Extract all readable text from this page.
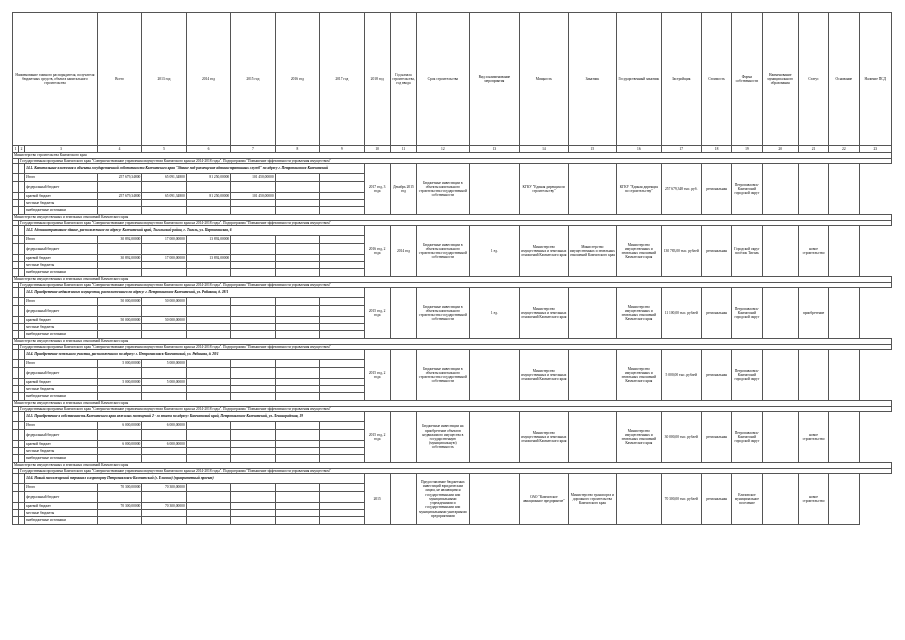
Наименование главного распорядителя, получателя бюджетных средств, объекта капитального строительства			Всего	2013 год	2014 год	2015 год	2016 год	2017 год	2018 год	Год начала строительства, год ввода	Срок строительства	Вид и наименование мероприятия	Мощность	Заказчик	Государственный заказчик	Застройщик	Стоимость	Форма собственности	Наименование муниципального образования	Статус	Основание	Наличие ПСД
1	2	3	4	5	6	7	8	9	10	11	12	13	14	15	16	17	18	19	20	21	22	23
Министерство строительства Камчатского края																						
	Государственная программа Камчатского края "Совершенствование управления имуществом Камчатского края на 2014-2018 годы". Подпрограмма "Повышение эффективности управления имуществом"																					
		14.1. Капитальные вложения в объекты государственной собственности Камчатского края "Здание под размещение административных служб" по адресу г. Петропавловск-Камчатский							2017 год, 3 года	Декабрь 2015 год	Бюджетные инвестиции в объекты капитального строительства государственной собственности		КГКУ "Единая дирекция по строительству"		КГКУ "Единая дирекция по строительству"	257 679,348 тыс. руб.	региональная	Петропавловск-Камчатский городской округ				
		Итого	257 679,34800	65 091,34800	81 250,00000	101 450,00000																
		федеральный бюджет																				
		краевой бюджет	257 679,34800	65 091,34800	81 250,00000	101 450,00000																
		местные бюджеты																				
		внебюджетные источники																				
Министерство имущественных и земельных отношений Камчатского края																						
	Государственная программа Камчатского края "Совершенствование управления имуществом Камчатского края на 2014-2018 годы". Подпрограмма "Повышение эффективности управления имуществом"																					
		14.2. Административное здание, расположенное по адресу: Камчатский край, Тигильский район, с. Тигиль, ул. Партизанская, 6							2016 год, 2 года	2014 год	Бюджетные инвестиции в объекты капитального строительства государственной собственности	1 ед.	Министерство имущественных и земельных отношений Камчатского края	Министерство имущественных и земельных отношений Камчатского края	Министерство имущественных и земельных отношений Камчатского края	130 783,00 тыс. рублей	региональная	Городской округ посёлок Тигиль		новое строительство		
		Итого	30 892,00000	17 000,00000	13 892,00000																	
		федеральный бюджет																				
		краевой бюджет	30 892,00000	17 000,00000	13 892,00000																	
		местные бюджеты																				
		внебюджетные источники																				
Министерство имущественных и земельных отношений Камчатского края																						
	Государственная программа Камчатского края "Совершенствование управления имуществом Камчатского края на 2014-2018 годы". Подпрограмма "Повышение эффективности управления имуществом"																					
		14.3. Приобретение недвижимого имущества, расположенного по адресу: г. Петропавловск-Камчатский, ул. Рябикова, д. 28/1							2015 год, 2 года		Бюджетные инвестиции в объекты капитального строительства государственной собственности	1 ед.	Министерство имущественных и земельных отношений Камчатского края		Министерство имущественных и земельных отношений Камчатского края	11 100,00 тыс. рублей	региональная	Петропавловск-Камчатский городской округ		приобретение		
		Итого	50 000,00000	50 000,00000																		
		федеральный бюджет																				
		краевой бюджет	50 000,00000	50 000,00000																		
		местные бюджеты																				
		внебюджетные источники																				
Министерство имущественных и земельных отношений Камчатского края																						
	Государственная программа Камчатского края "Совершенствование управления имуществом Камчатского края на 2014-2018 годы". Подпрограмма "Повышение эффективности управления имуществом"																					
		14.4. Приобретение земельного участка, расположенного по адресу: г. Петропавловск-Камчатский, ул. Рябикова, д. 28/1							2015 год, 2 года		Бюджетные инвестиции в объекты капитального строительства государственной собственности		Министерство имущественных и земельных отношений Камчатского края		Министерство имущественных и земельных отношений Камчатского края	5 000,00 тыс. рублей	региональная	Петропавловск-Камчатский городской округ				
		Итого	5 000,00000	5 000,00000																		
		федеральный бюджет																				
		краевой бюджет	5 000,00000	5 000,00000																		
		местные бюджеты																				
		внебюджетные источники																				
Министерство имущественных и земельных отношений Камчатского края																						
	Государственная программа Камчатского края "Совершенствование управления имуществом Камчатского края на 2014-2018 годы". Подпрограмма "Повышение эффективности управления имуществом"																					
		14.5. Приобретение в собственность Камчатского края нежилых помещений 2 - го этажа по адресу: Камчатский край, Петропавловск-Камчатский, ул. Ленинградская, 19							2015 год, 2 года		Бюджетные инвестиции на приобретение объектов недвижимого имущества в государственную (муниципальную) собственность		Министерство имущественных и земельных отношений Камчатского края		Министерство имущественных и земельных отношений Камчатского края	30 000,00 тыс. рублей	региональная	Петропавловск-Камчатский городской округ		новое строительство		
		Итого	6 000,00000	6 000,00000																		
		федеральный бюджет																				
		краевой бюджет	6 000,00000	6 000,00000																		
		местные бюджеты																				
		внебюджетные источники																				
Министерство имущественных и земельных отношений Камчатского края																						
	Государственная программа Камчатского края "Совершенствование управления имуществом Камчатского края на 2014-2018 годы". Подпрограмма "Повышение эффективности управления имуществом"																					
		14.6. Новый пассажирский терминал в аэропорту Петропавловск-Камчатский (г. Елизово) (приоритетный проект)							2015		Предоставление бюджетных инвестиций юридическим лицам, не являющимся государственными или муниципальными учреждениями и государственными или муниципальными унитарными предприятиями		ОАО "Камчатское авиационное предприятие"	Министерство транспорта и дорожного строительства Камчатского края		70 300,00 тыс. рублей	региональная	Елизовское муниципальное поселение		новое строительство		
		Итого	70 300,00000	70 300,00000																		
		федеральный бюджет																				
		краевой бюджет	70 300,00000	70 300,00000																		
		местные бюджеты																				
		внебюджетные источники																				
